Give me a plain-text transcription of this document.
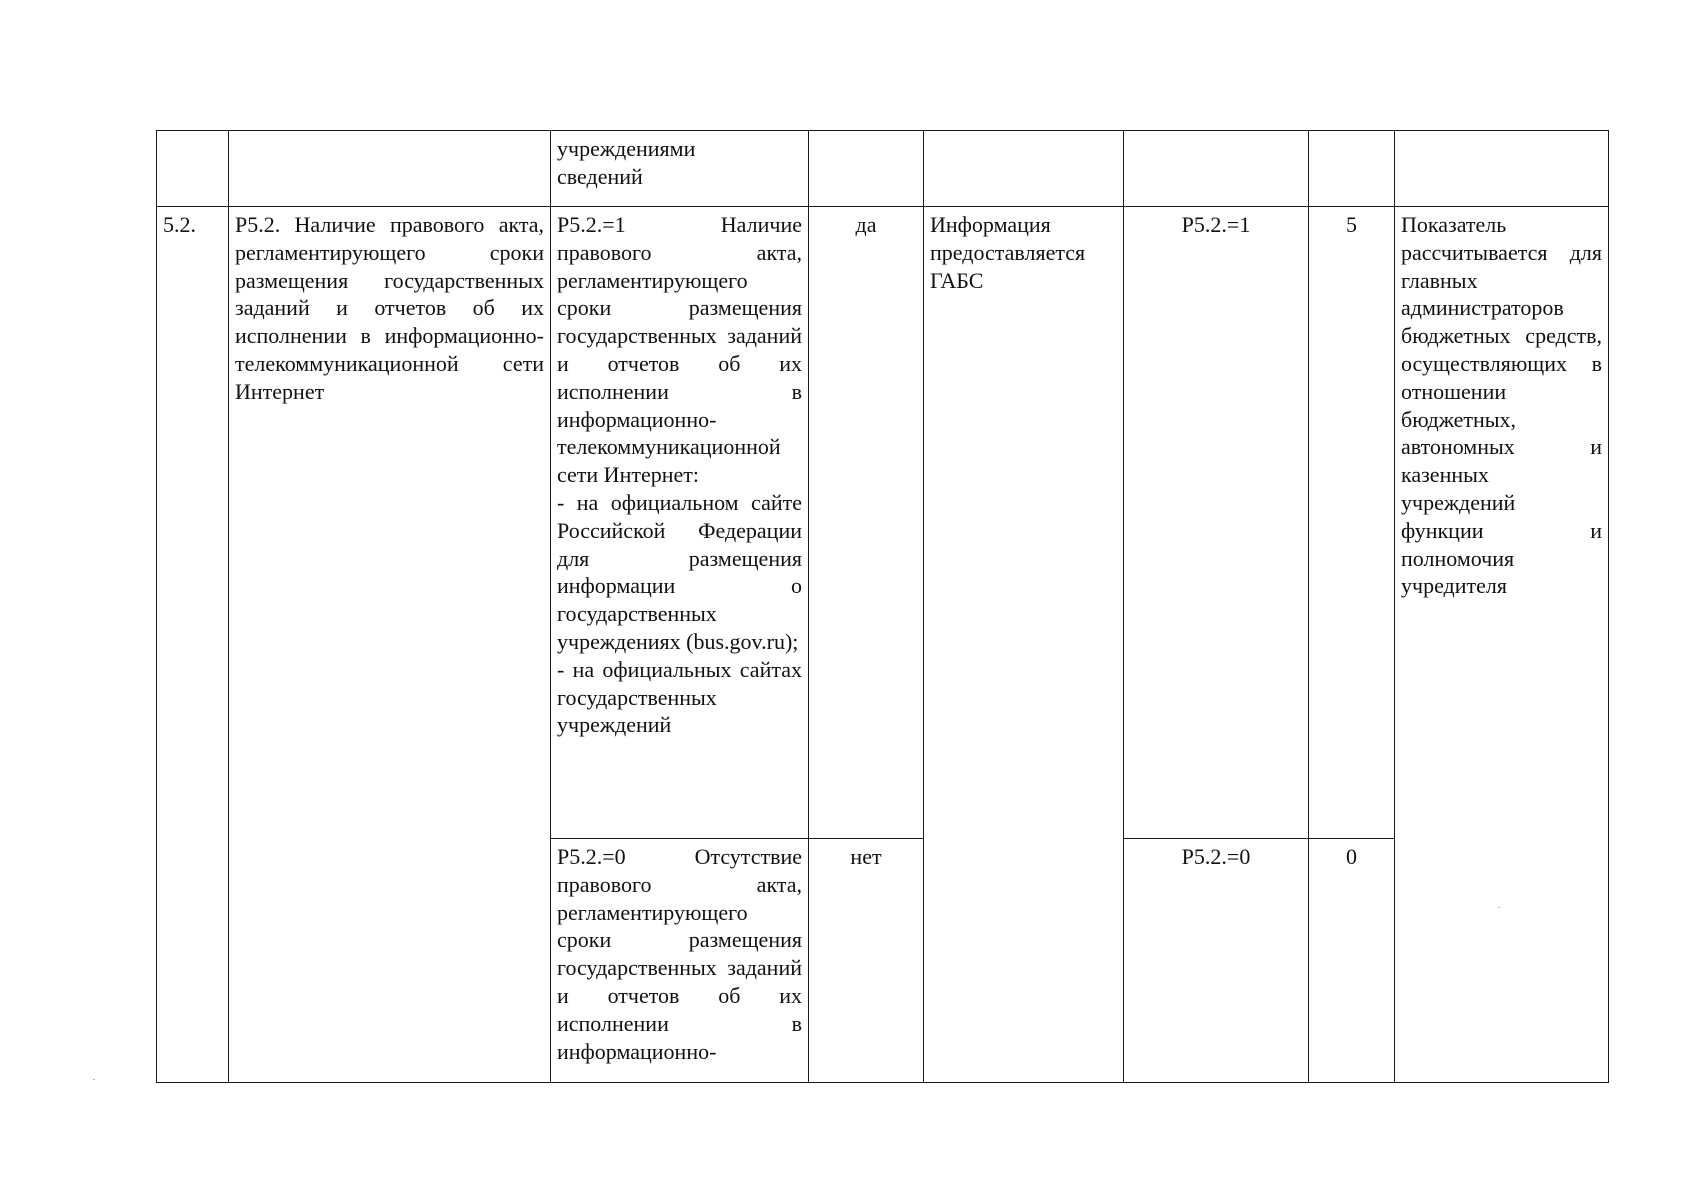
		учреждениями
сведений					
5.2.	P5.2. Наличие правового акта, регламентирующего сроки размещения государственных заданий и отчетов об их исполнении в информационно-телекоммуникационной сети Интернет	P5.2.=1 Наличие правового акта, регламентирующего сроки размещения государственных заданий и отчетов об их исполнении в информационно-телекоммуникационной сети Интернет:
- на официальном сайте Российской Федерации для размещения информации о государственных учреждениях (bus.gov.ru);
- на официальных сайтах государственных учреждений	да	Информация предоставляется ГАБС	P5.2.=1	5	Показатель рассчитывается для главных администраторов бюджетных средств, осуществляющих в отношении бюджетных, автономных и казенных учреждений функции и полномочия учредителя
		P5.2.=0 Отсутствие правового акта, регламентирующего сроки размещения государственных заданий и отчетов об их исполнении в информационно-	нет		P5.2.=0	0	
